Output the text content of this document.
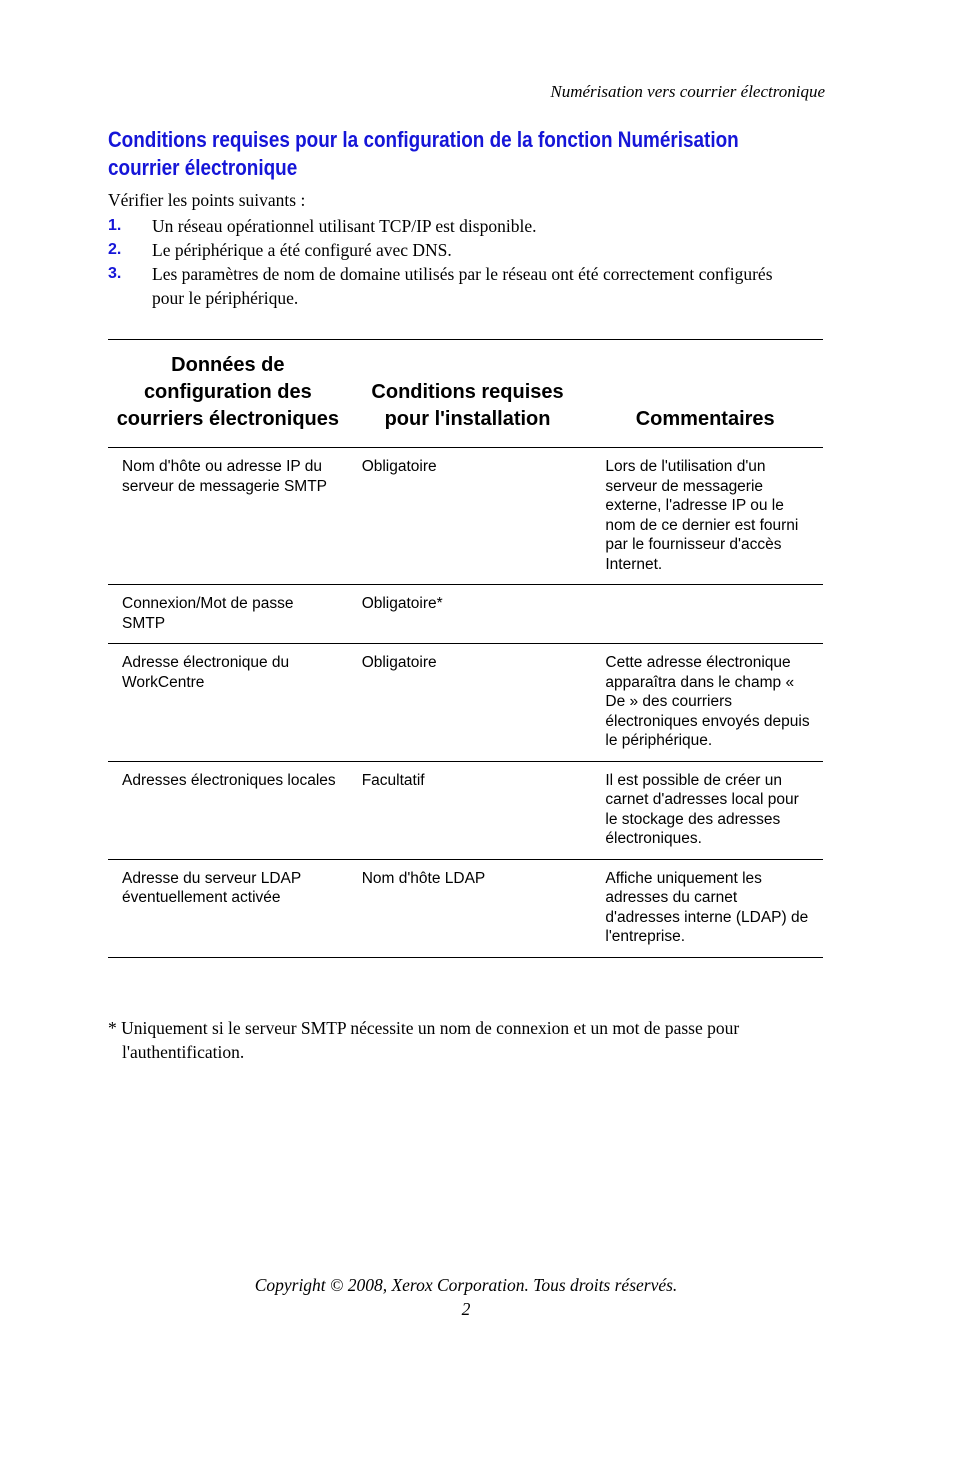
Numérisation vers courrier électronique
Conditions requises pour la configuration de la fonction Numérisation courrier électronique
Vérifier les points suivants :
1. Un réseau opérationnel utilisant TCP/IP est disponible.
2. Le périphérique a été configuré avec DNS.
3. Les paramètres de nom de domaine utilisés par le réseau ont été correctement configurés pour le périphérique.
Données de configuration des courriers électroniques	Conditions requises pour l'installation	Commentaires
Nom d'hôte ou adresse IP du serveur de messagerie SMTP	Obligatoire	Lors de l'utilisation d'un serveur de messagerie externe, l'adresse IP ou le nom de ce dernier est fourni par le fournisseur d'accès Internet.
Connexion/Mot de passe SMTP	Obligatoire*	
Adresse électronique du WorkCentre	Obligatoire	Cette adresse électronique apparaîtra dans le champ « De » des courriers électroniques envoyés depuis le périphérique.
Adresses électroniques locales	Facultatif	Il est possible de créer un carnet d'adresses local pour le stockage des adresses électroniques.
Adresse du serveur LDAP éventuellement activée	Nom d'hôte LDAP	Affiche uniquement les adresses du carnet d'adresses interne (LDAP) de l'entreprise.
* Uniquement si le serveur SMTP nécessite un nom de connexion et un mot de passe pour l'authentification.
Copyright © 2008, Xerox Corporation. Tous droits réservés.
2
